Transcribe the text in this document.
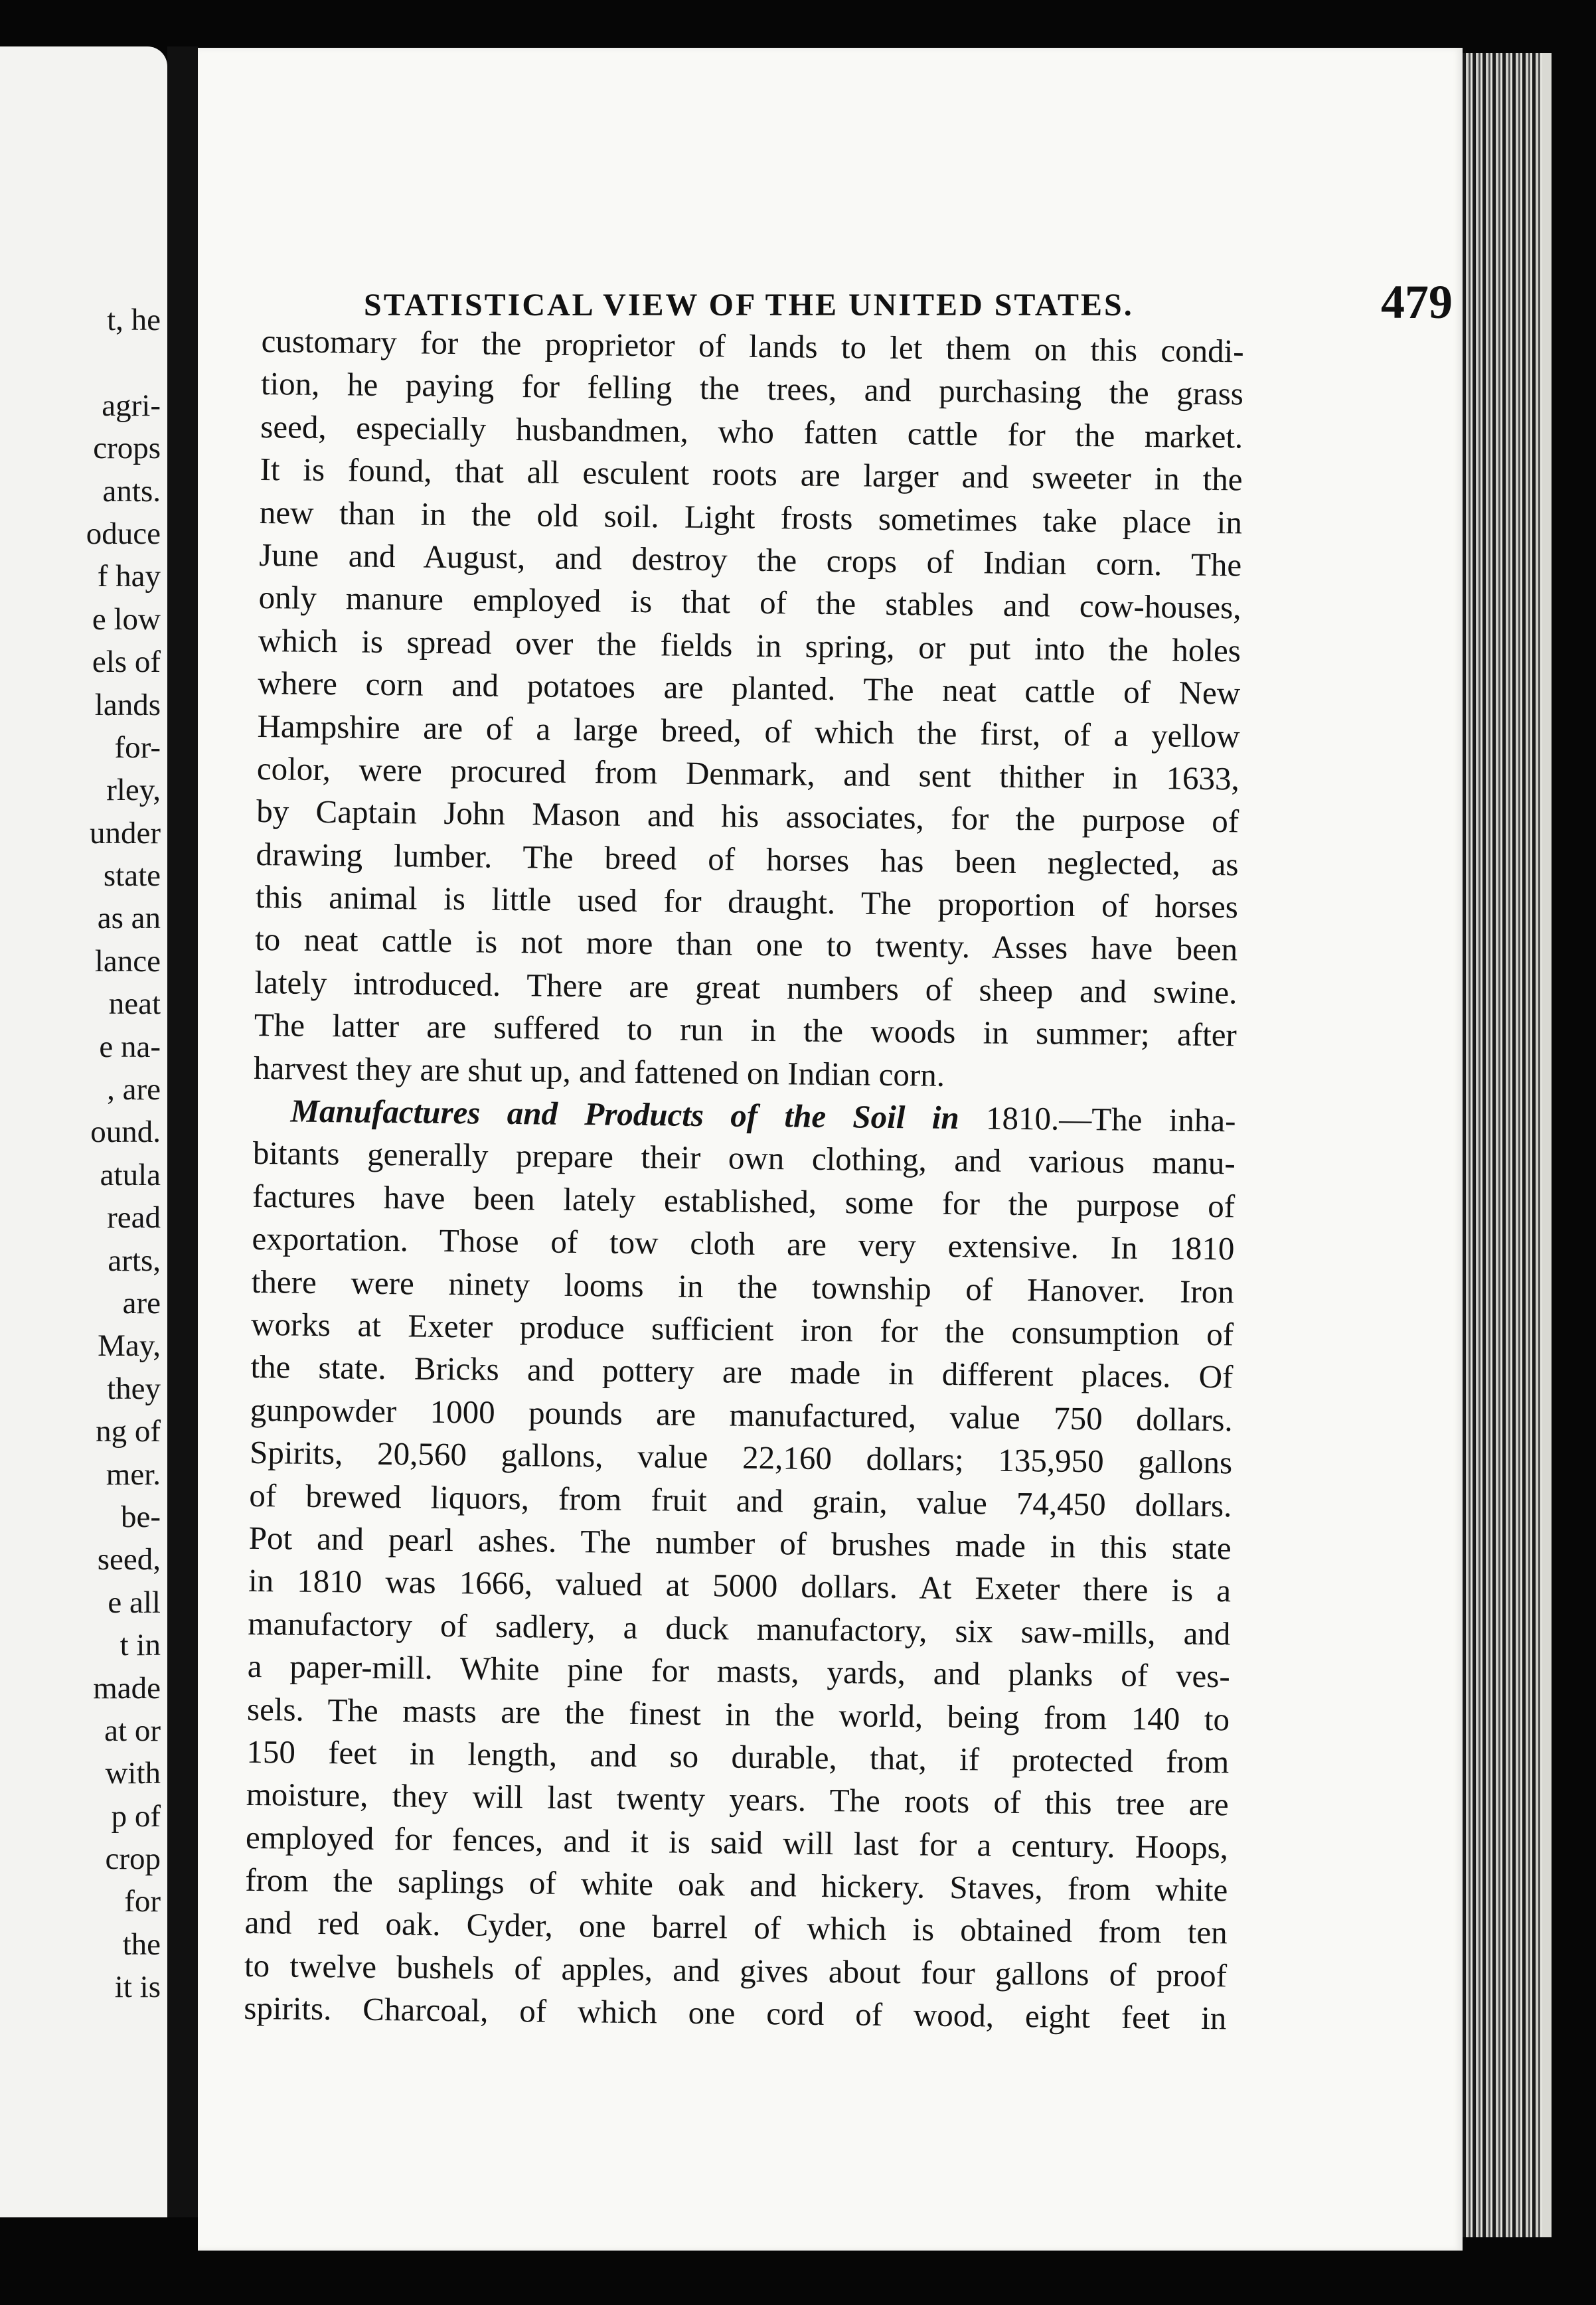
t, he
agri-
crops
ants.
oduce
f hay
e low
els of
lands
for-
rley,
under
state
as an
lance
neat
e na-
, are
ound.
atula
read
arts,
are
May,
they
ng of
mer.
be-
seed,
e all
t in
made
at or
with
p of
crop
for
the
it is
STATISTICAL VIEW OF THE UNITED STATES.	479
customary for the proprietor of lands to let them on this condi-
tion, he paying for felling the trees, and purchasing the grass
seed, especially husbandmen, who fatten cattle for the market.
It is found, that all esculent roots are larger and sweeter in the
new than in the old soil. Light frosts sometimes take place in
June and August, and destroy the crops of Indian corn. The
only manure employed is that of the stables and cow-houses,
which is spread over the fields in spring, or put into the holes
where corn and potatoes are planted. The neat cattle of New
Hampshire are of a large breed, of which the first, of a yellow
color, were procured from Denmark, and sent thither in 1633,
by Captain John Mason and his associates, for the purpose of
drawing lumber. The breed of horses has been neglected, as
this animal is little used for draught. The proportion of horses
to neat cattle is not more than one to twenty. Asses have been
lately introduced. There are great numbers of sheep and swine.
The latter are suffered to run in the woods in summer; after
harvest they are shut up, and fattened on Indian corn.
Manufactures and Products of the Soil in 1810.—The inha-
bitants generally prepare their own clothing, and various manu-
factures have been lately established, some for the purpose of
exportation. Those of tow cloth are very extensive. In 1810
there were ninety looms in the township of Hanover. Iron
works at Exeter produce sufficient iron for the consumption of
the state. Bricks and pottery are made in different places. Of
gunpowder 1000 pounds are manufactured, value 750 dollars.
Spirits, 20,560 gallons, value 22,160 dollars; 135,950 gallons
of brewed liquors, from fruit and grain, value 74,450 dollars.
Pot and pearl ashes. The number of brushes made in this state
in 1810 was 1666, valued at 5000 dollars. At Exeter there is a
manufactory of sadlery, a duck manufactory, six saw-mills, and
a paper-mill. White pine for masts, yards, and planks of ves-
sels. The masts are the finest in the world, being from 140 to
150 feet in length, and so durable, that, if protected from
moisture, they will last twenty years. The roots of this tree are
employed for fences, and it is said will last for a century. Hoops,
from the saplings of white oak and hickery. Staves, from white
and red oak. Cyder, one barrel of which is obtained from ten
to twelve bushels of apples, and gives about four gallons of proof
spirits. Charcoal, of which one cord of wood, eight feet in
